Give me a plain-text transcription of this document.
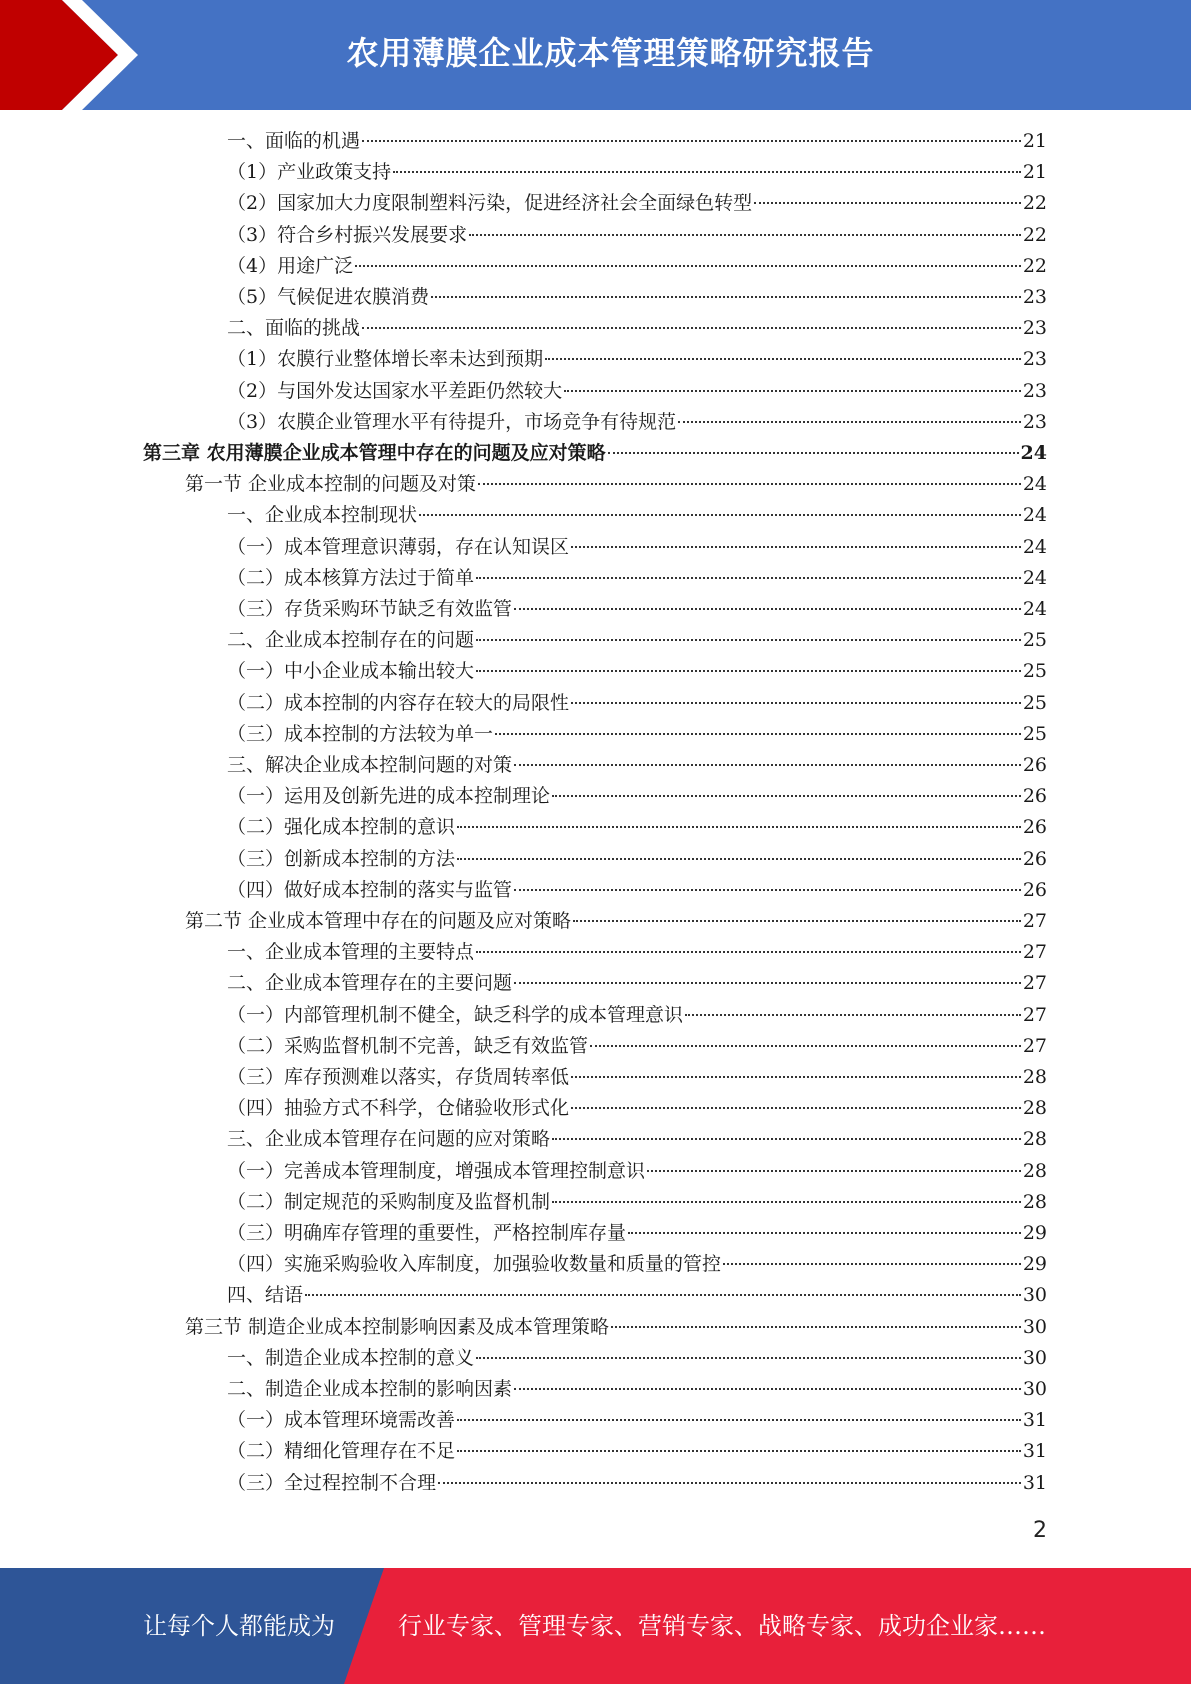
农用薄膜企业成本管理策略研究报告
一、面临的机遇	21
（1）产业政策支持	21
（2）国家加大力度限制塑料污染，促进经济社会全面绿色转型	22
（3）符合乡村振兴发展要求	22
（4）用途广泛	22
（5）气候促进农膜消费	23
二、面临的挑战	23
（1）农膜行业整体增长率未达到预期	23
（2）与国外发达国家水平差距仍然较大	23
（3）农膜企业管理水平有待提升，市场竞争有待规范	23
第三章 农用薄膜企业成本管理中存在的问题及应对策略	24
第一节 企业成本控制的问题及对策	24
一、企业成本控制现状	24
（一）成本管理意识薄弱，存在认知误区	24
（二）成本核算方法过于简单	24
（三）存货采购环节缺乏有效监管	24
二、企业成本控制存在的问题	25
（一）中小企业成本输出较大	25
（二）成本控制的内容存在较大的局限性	25
（三）成本控制的方法较为单一	25
三、解决企业成本控制问题的对策	26
（一）运用及创新先进的成本控制理论	26
（二）强化成本控制的意识	26
（三）创新成本控制的方法	26
（四）做好成本控制的落实与监管	26
第二节 企业成本管理中存在的问题及应对策略	27
一、企业成本管理的主要特点	27
二、企业成本管理存在的主要问题	27
（一）内部管理机制不健全，缺乏科学的成本管理意识	27
（二）采购监督机制不完善，缺乏有效监管	27
（三）库存预测难以落实，存货周转率低	28
（四）抽验方式不科学，仓储验收形式化	28
三、企业成本管理存在问题的应对策略	28
（一）完善成本管理制度，增强成本管理控制意识	28
（二）制定规范的采购制度及监督机制	28
（三）明确库存管理的重要性，严格控制库存量	29
（四）实施采购验收入库制度，加强验收数量和质量的管控	29
四、结语	30
第三节 制造企业成本控制影响因素及成本管理策略	30
一、制造企业成本控制的意义	30
二、制造企业成本控制的影响因素	30
（一）成本管理环境需改善	31
（二）精细化管理存在不足	31
（三）全过程控制不合理	31
2
让每个人都能成为	行业专家、管理专家、营销专家、战略专家、成功企业家……
